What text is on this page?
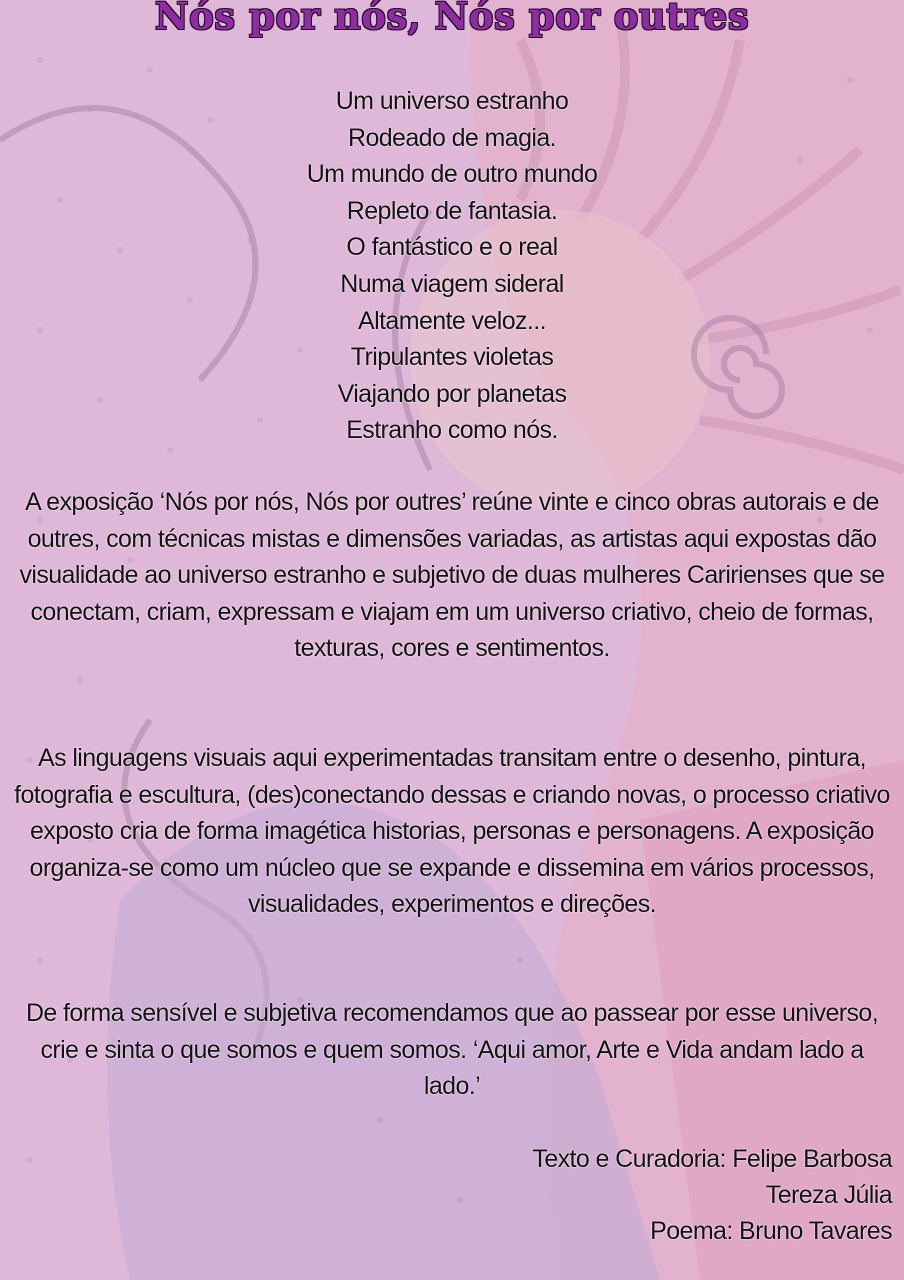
Nós por nós, Nós por outres
Um universo estranho
Rodeado de magia.
Um mundo de outro mundo
Repleto de fantasia.
O fantástico e o real
Numa viagem sideral
Altamente veloz...
Tripulantes violetas
Viajando por planetas
Estranho como nós.
A exposição ‘Nós por nós, Nós por outres’ reúne vinte e cinco obras autorais e de outres, com técnicas mistas e dimensões variadas, as artistas aqui expostas dão visualidade ao universo estranho e subjetivo de duas mulheres Caririenses que se conectam, criam, expressam e viajam em um universo criativo, cheio de formas, texturas, cores e sentimentos.
As linguagens visuais aqui experimentadas transitam entre o desenho, pintura, fotografia e escultura, (des)conectando dessas e criando novas, o processo criativo exposto cria de forma imagética historias, personas e personagens. A exposição organiza-se como um núcleo que se expande e dissemina em vários processos, visualidades, experimentos e direções.
De forma sensível e subjetiva recomendamos que ao passear por esse universo, crie e sinta o que somos e quem somos. ‘Aqui amor, Arte e Vida andam lado a lado.’
Texto e Curadoria: Felipe Barbosa
Tereza Júlia
Poema: Bruno Tavares
